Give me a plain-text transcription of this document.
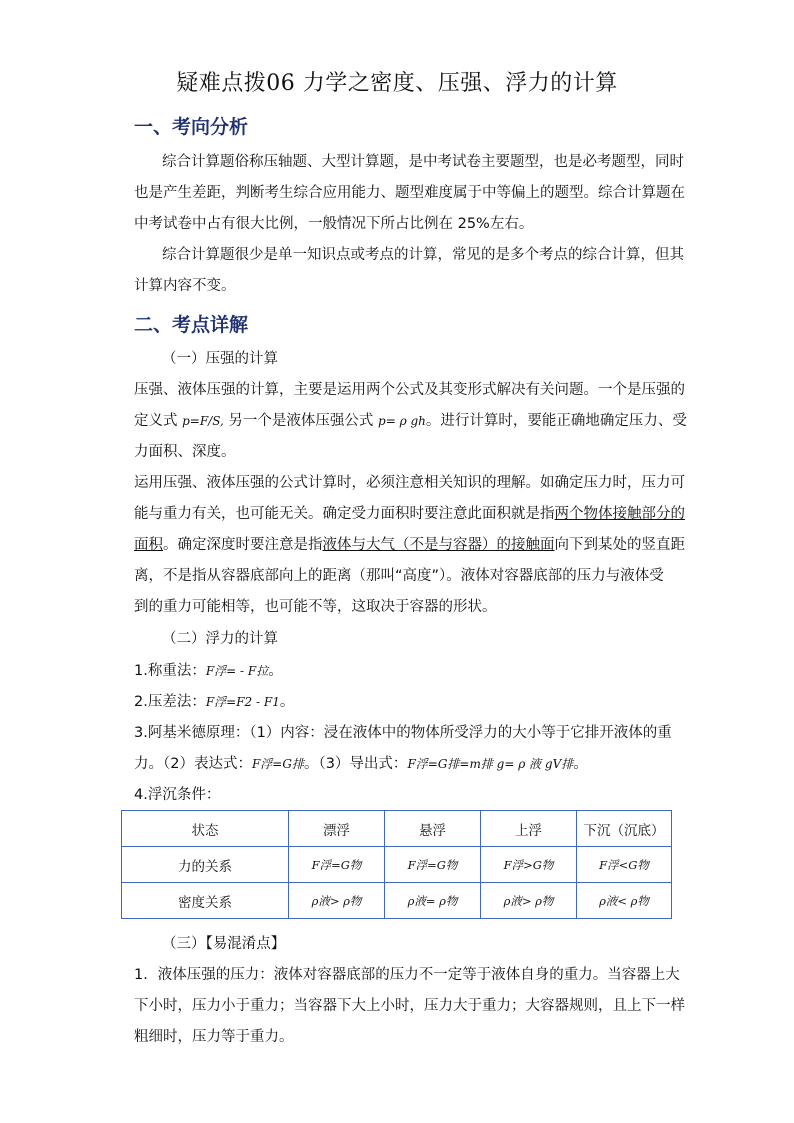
疑难点拨06 力学之密度、压强、浮力的计算
一、考向分析
综合计算题俗称压轴题、大型计算题，是中考试卷主要题型，也是必考题型，同时
也是产生差距，判断考生综合应用能力、题型难度属于中等偏上的题型。综合计算题在
中考试卷中占有很大比例，一般情况下所占比例在 25%左右。
综合计算题很少是单一知识点或考点的计算，常见的是多个考点的综合计算，但其
计算内容不变。
二、考点详解
（一）压强的计算
压强、液体压强的计算，主要是运用两个公式及其变形式解决有关问题。一个是压强的
定义式 p=F/S, 另一个是液体压强公式 p= ρ gh。进行计算时，要能正确地确定压力、受
力面积、深度。
运用压强、液体压强的公式计算时，必须注意相关知识的理解。如确定压力时，压力可
能与重力有关，也可能无关。确定受力面积时要注意此面积就是指两个物体接触部分的
面积。确定深度时要注意是指液体与大气（不是与容器）的接触面向下到某处的竖直距
离，不是指从容器底部向上的距离（那叫“高度”）。液体对容器底部的压力与液体受
到的重力可能相等，也可能不等，这取决于容器的形状。
（二）浮力的计算
1.称重法：F浮= - F拉。
2.压差法：F浮=F2 - F1。
3.阿基米德原理：（1）内容：浸在液体中的物体所受浮力的大小等于它排开液体的重
力。（2）表达式：F浮=G排。（3）导出式：F浮=G排=m排 g= ρ 液 gV排。
4.浮沉条件：
状态	漂浮	悬浮	上浮	下沉（沉底）
力的关系	F浮=G物	F浮=G物	F浮>G物	F浮<G物
密度关系	ρ液> ρ物	ρ液= ρ物	ρ液> ρ物	ρ液< ρ物
（三）【易混淆点】
1．液体压强的压力：液体对容器底部的压力不一定等于液体自身的重力。当容器上大
下小时，压力小于重力；当容器下大上小时，压力大于重力；大容器规则，且上下一样
粗细时，压力等于重力。
